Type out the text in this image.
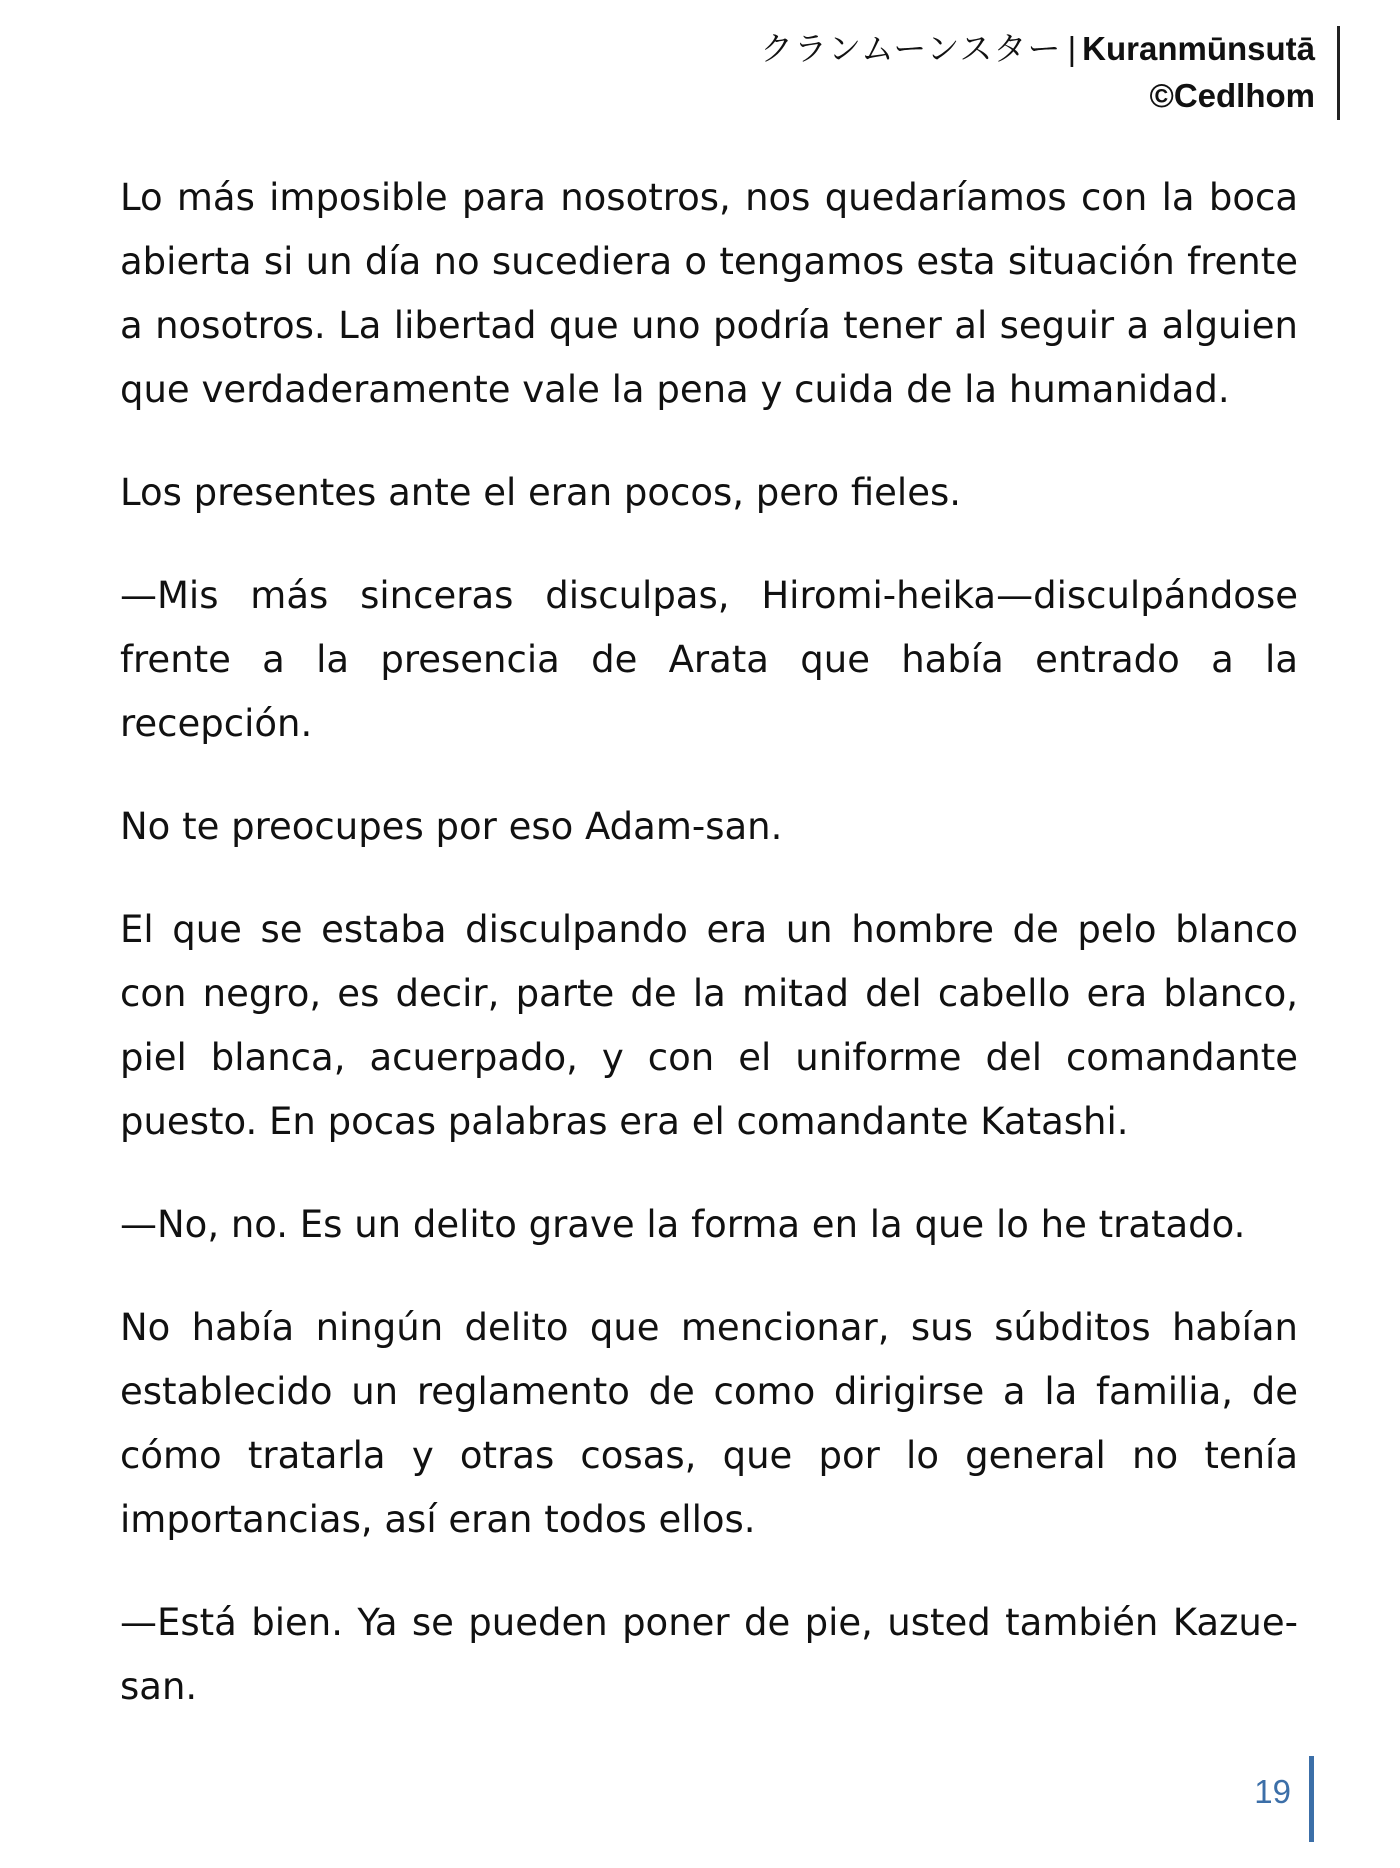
クランムーンスター | Kuranmūnsutā
©Cedlhom

Lo más imposible para nosotros, nos quedaríamos con la boca abierta si un día no sucediera o tengamos esta situación frente a nosotros. La libertad que uno podría tener al seguir a alguien que verdaderamente vale la pena y cuida de la humanidad.

Los presentes ante el eran pocos, pero fieles.

—Mis más sinceras disculpas, Hiromi-heika—disculpándose frente a la presencia de Arata que había entrado a la recepción.

No te preocupes por eso Adam-san.

El que se estaba disculpando era un hombre de pelo blanco con negro, es decir, parte de la mitad del cabello era blanco, piel blanca, acuerpado, y con el uniforme del comandante puesto. En pocas palabras era el comandante Katashi.

—No, no. Es un delito grave la forma en la que lo he tratado.

No había ningún delito que mencionar, sus súbditos habían establecido un reglamento de como dirigirse a la familia, de cómo tratarla y otras cosas, que por lo general no tenía importancias, así eran todos ellos.

—Está bien. Ya se pueden poner de pie, usted también Kazue-san.

19
